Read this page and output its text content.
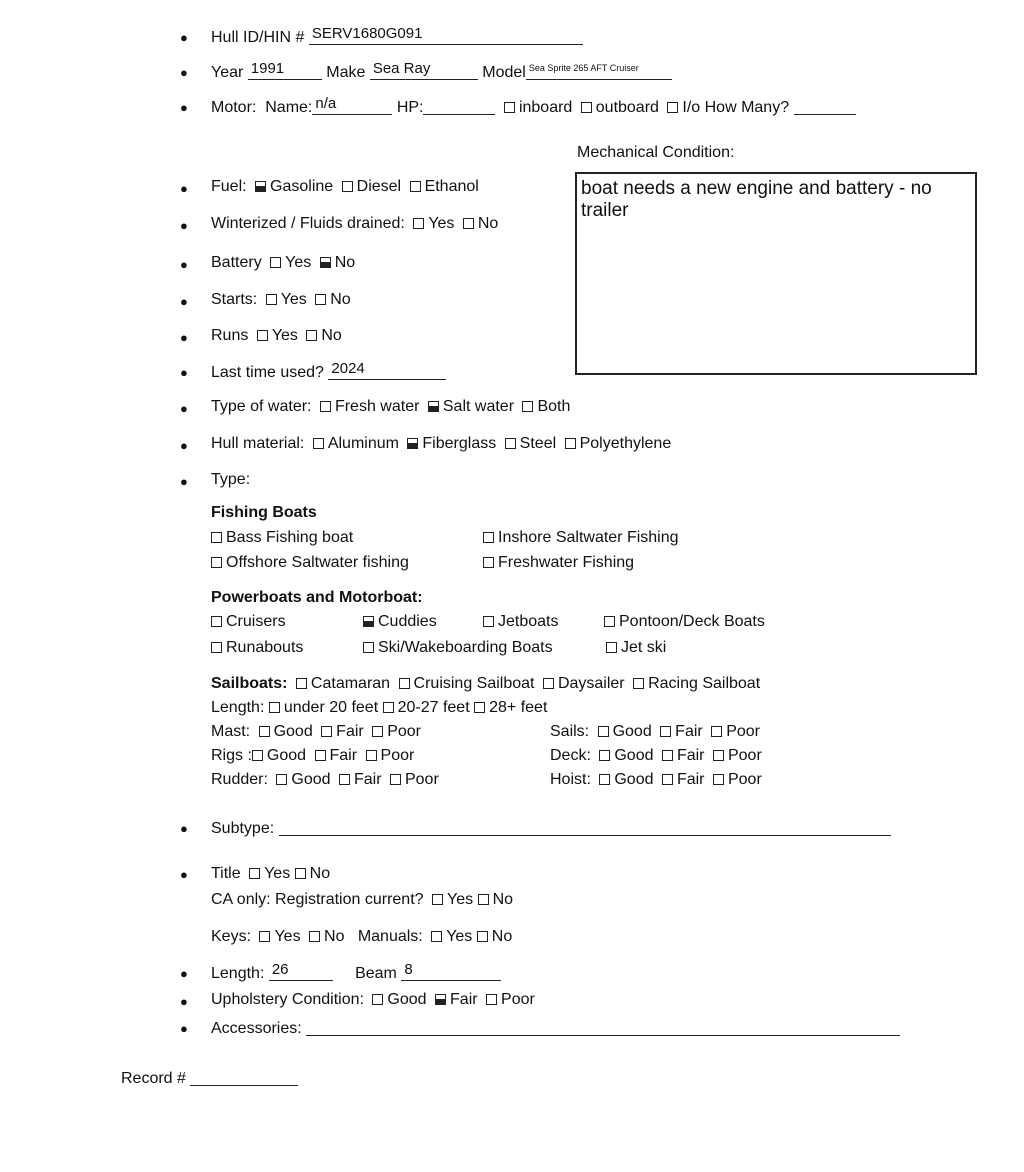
●
●
●
●
●
●
●
●
●
●
●
●
●
●
●
●
●
Hull ID/HIN # SERV1680G091
Year 1991	Make Sea Ray	Model Sea Sprite 265 AFT Cruiser
Motor: Name: n/a	HP:	inboard outboard I/o How Many?
Mechanical Condition:
boat needs a new engine and battery - no trailer
Fuel: Gasoline Diesel Ethanol
Winterized / Fluids drained: Yes No
Battery Yes No
Starts: Yes No
Runs Yes No
Last time used? 2024
Type of water: Fresh water Salt water Both
Hull material: Aluminum Fiberglass Steel Polyethylene
Type:
Fishing Boats
Bass Fishing boat	Inshore Saltwater Fishing
Offshore Saltwater fishing	Freshwater Fishing
Powerboats and Motorboat:
Cruisers	Cuddies	Jetboats	Pontoon/Deck Boats
Runabouts	Ski/Wakeboarding Boats	Jet ski
Sailboats: Catamaran Cruising Sailboat Daysailer Racing Sailboat
Length: under 20 feet 20-27 feet 28+ feet
Mast: Good Fair Poor	Sails: Good Fair Poor
Rigs : Good Fair Poor	Deck: Good Fair Poor
Rudder: Good Fair Poor	Hoist: Good Fair Poor
Subtype:
Title Yes No
CA only: Registration current? Yes No
Keys: Yes No Manuals: Yes No
Length: 26	Beam 8
Upholstery Condition: Good Fair Poor
Accessories:
Record #
